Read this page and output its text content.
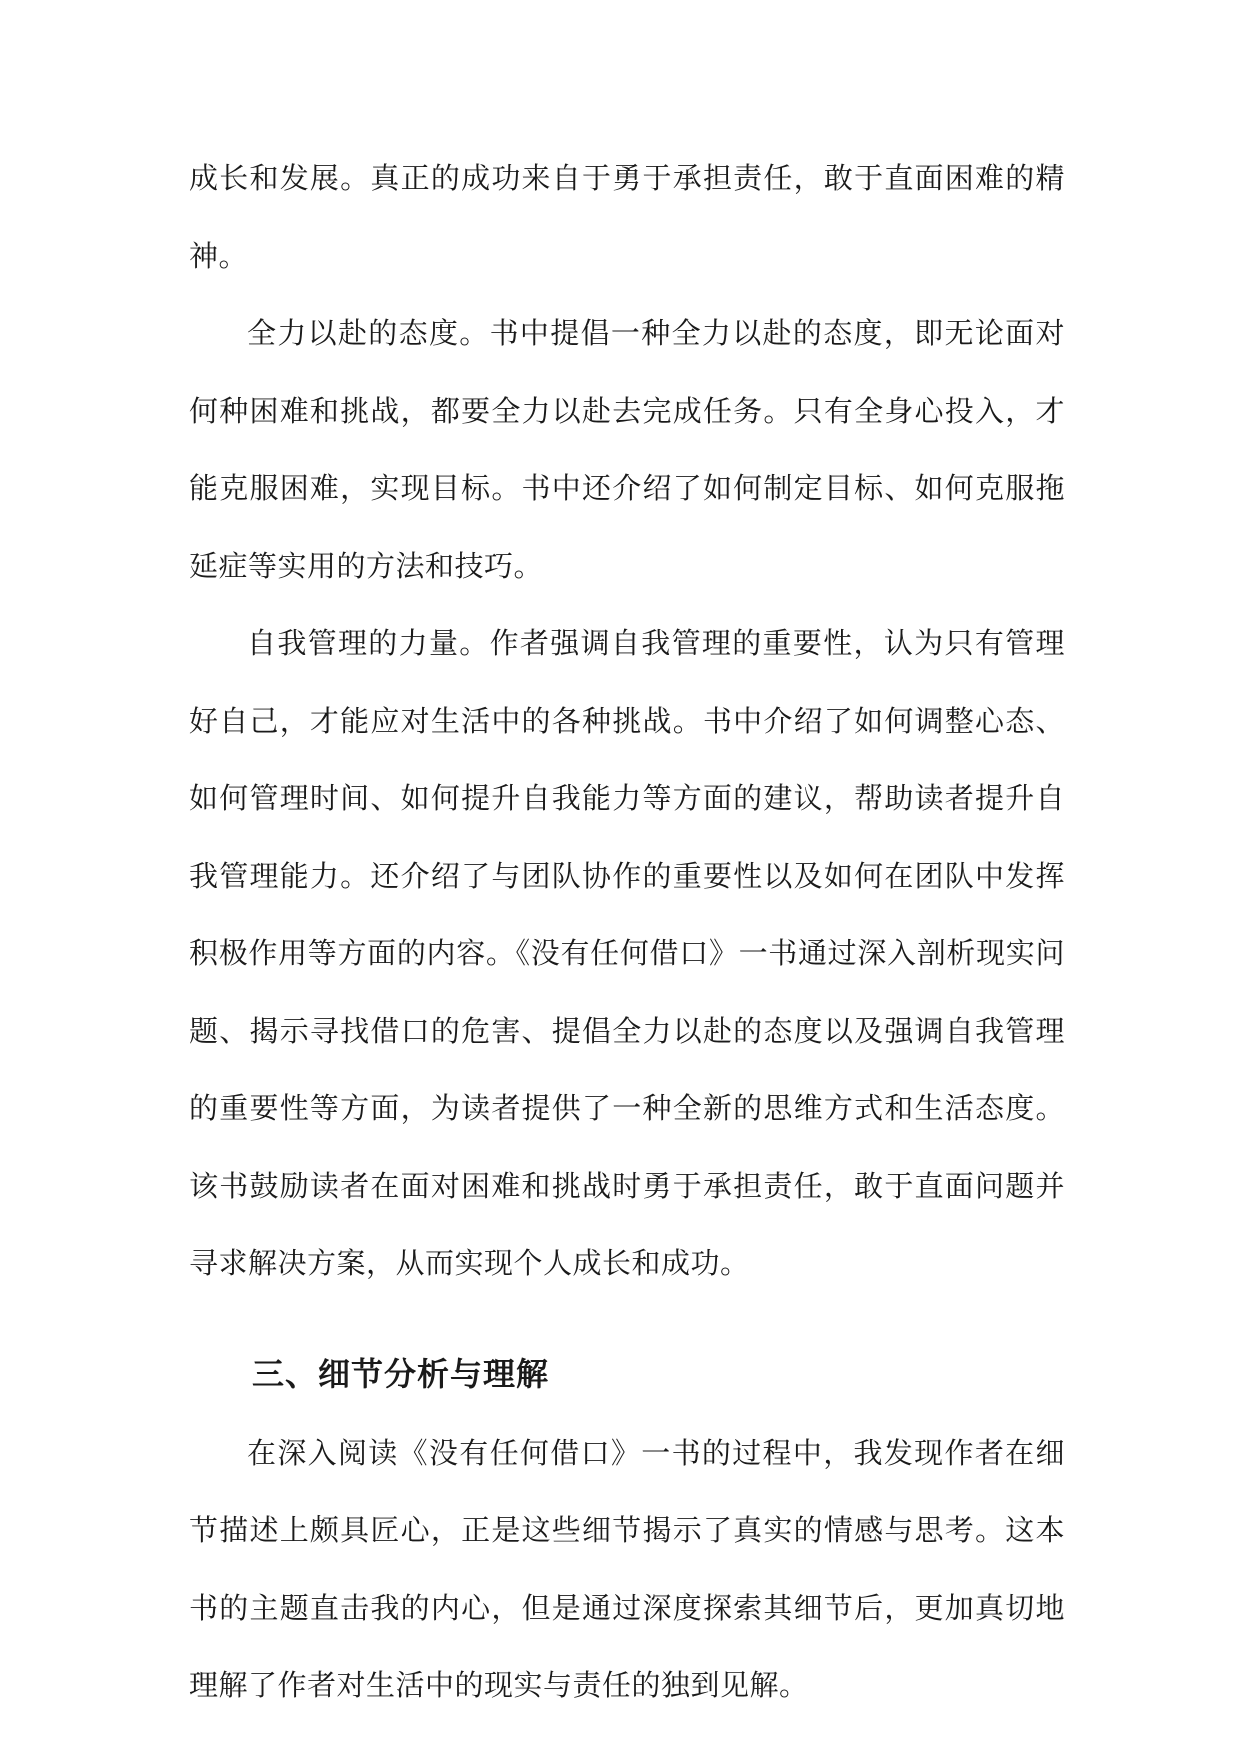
成长和发展。真正的成功来自于勇于承担责任，敢于直面困难的精神。

全力以赴的态度。书中提倡一种全力以赴的态度，即无论面对何种困难和挑战，都要全力以赴去完成任务。只有全身心投入，才能克服困难，实现目标。书中还介绍了如何制定目标、如何克服拖延症等实用的方法和技巧。

自我管理的力量。作者强调自我管理的重要性，认为只有管理好自己，才能应对生活中的各种挑战。书中介绍了如何调整心态、如何管理时间、如何提升自我能力等方面的建议，帮助读者提升自我管理能力。还介绍了与团队协作的重要性以及如何在团队中发挥积极作用等方面的内容。《没有任何借口》一书通过深入剖析现实问题、揭示寻找借口的危害、提倡全力以赴的态度以及强调自我管理的重要性等方面，为读者提供了一种全新的思维方式和生活态度。该书鼓励读者在面对困难和挑战时勇于承担责任，敢于直面问题并寻求解决方案，从而实现个人成长和成功。

三、细节分析与理解

在深入阅读《没有任何借口》一书的过程中，我发现作者在细节描述上颇具匠心，正是这些细节揭示了真实的情感与思考。这本书的主题直击我的内心，但是通过深度探索其细节后，更加真切地理解了作者对生活中的现实与责任的独到见解。
